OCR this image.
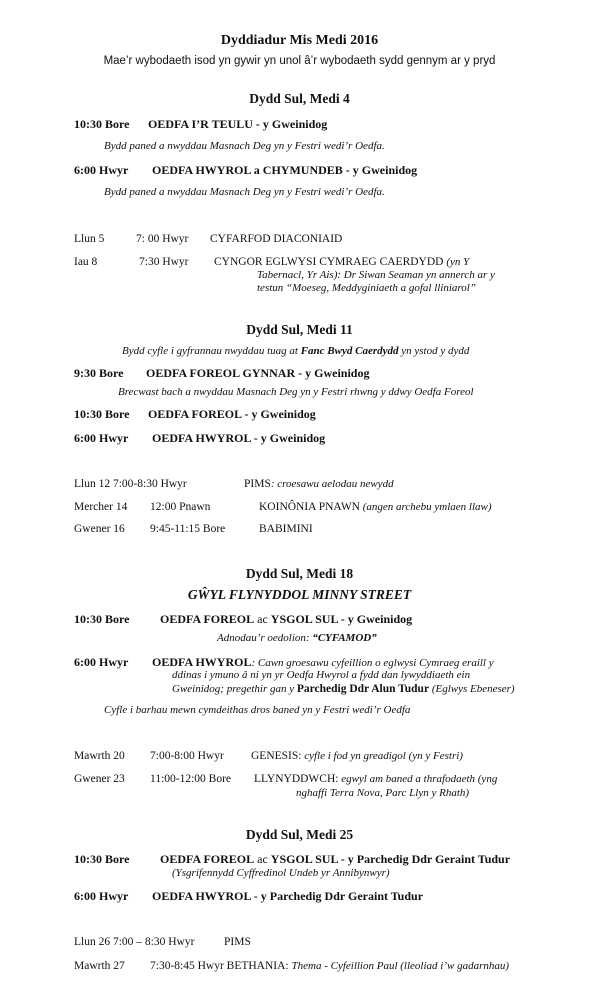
Dyddiadur Mis Medi 2016
Mae’r wybodaeth isod yn gywir yn unol â’r wybodaeth sydd gennym ar y pryd
Dydd Sul, Medi 4
10:30 Bore OEDFA I’R TEULU - y Gweinidog
Bydd paned a nwyddau Masnach Deg yn y Festri wedi’r Oedfa.
6:00 Hwyr OEDFA HWYROL a CHYMUNDEB - y Gweinidog
Bydd paned a nwyddau Masnach Deg yn y Festri wedi’r Oedfa.
Llun 5	7: 00 Hwyr CYFARFOD DIACONIAID
Iau 8	7:30 Hwyr CYNGOR EGLWYSI CYMRAEG CAERDYDD (yn Y
Tabernacl, Yr Ais): Dr Siwan Seaman yn annerch ar y
testun “Moeseg, Meddyginiaeth a gofal lliniarol”
Dydd Sul, Medi 11
Bydd cyfle i gyfrannau nwyddau tuag at Fanc Bwyd Caerdydd yn ystod y dydd
9:30 Bore OEDFA FOREOL GYNNAR - y Gweinidog
Brecwast bach a nwyddau Masnach Deg yn y Festri rhwng y ddwy Oedfa Foreol
10:30 Bore OEDFA FOREOL - y Gweinidog
6:00 Hwyr OEDFA HWYROL - y Gweinidog
Llun 12 7:00-8:30 Hwyr	PIMS: croesawu aelodau newydd
Mercher 14 12:00 Pnawn	KOINÔNIA PNAWN (angen archebu ymlaen llaw)
Gwener 16 9:45-11:15 Bore	BABIMINI
Dydd Sul, Medi 18
GŴYL FLYNYDDOL MINNY STREET
10:30 Bore	OEDFA FOREOL ac YSGOL SUL - y Gweinidog
Adnodau’r oedolion: “CYFAMOD”
6:00 Hwyr OEDFA HWYROL: Cawn groesawu cyfeillion o eglwysi Cymraeg eraill y
ddinas i ymuno â ni yn yr Oedfa Hwyrol a fydd dan lywyddiaeth ein
Gweinidog; pregethir gan y Parchedig Ddr Alun Tudur (Eglwys Ebeneser)
Cyfle i barhau mewn cymdeithas dros baned yn y Festri wedi’r Oedfa
Mawrth 20 7:00-8:00 Hwyr GENESIS: cyfle i fod yn greadigol (yn y Festri)
Gwener 23 11:00-12:00 Bore LLYNYDDWCH: egwyl am baned a thrafodaeth (yng
nghaffi Terra Nova, Parc Llyn y Rhath)
Dydd Sul, Medi 25
10:30 Bore	OEDFA FOREOL ac YSGOL SUL - y Parchedig Ddr Geraint Tudur
(Ysgrifennydd Cyffredinol Undeb yr Annibynwyr)
6:00 Hwyr OEDFA HWYROL - y Parchedig Ddr Geraint Tudur
Llun 26 7:00 – 8:30 Hwyr	PIMS
Mawrth 27 7:30-8:45 Hwyr BETHANIA: Thema - Cyfeillion Paul (lleoliad i’w gadarnhau)
